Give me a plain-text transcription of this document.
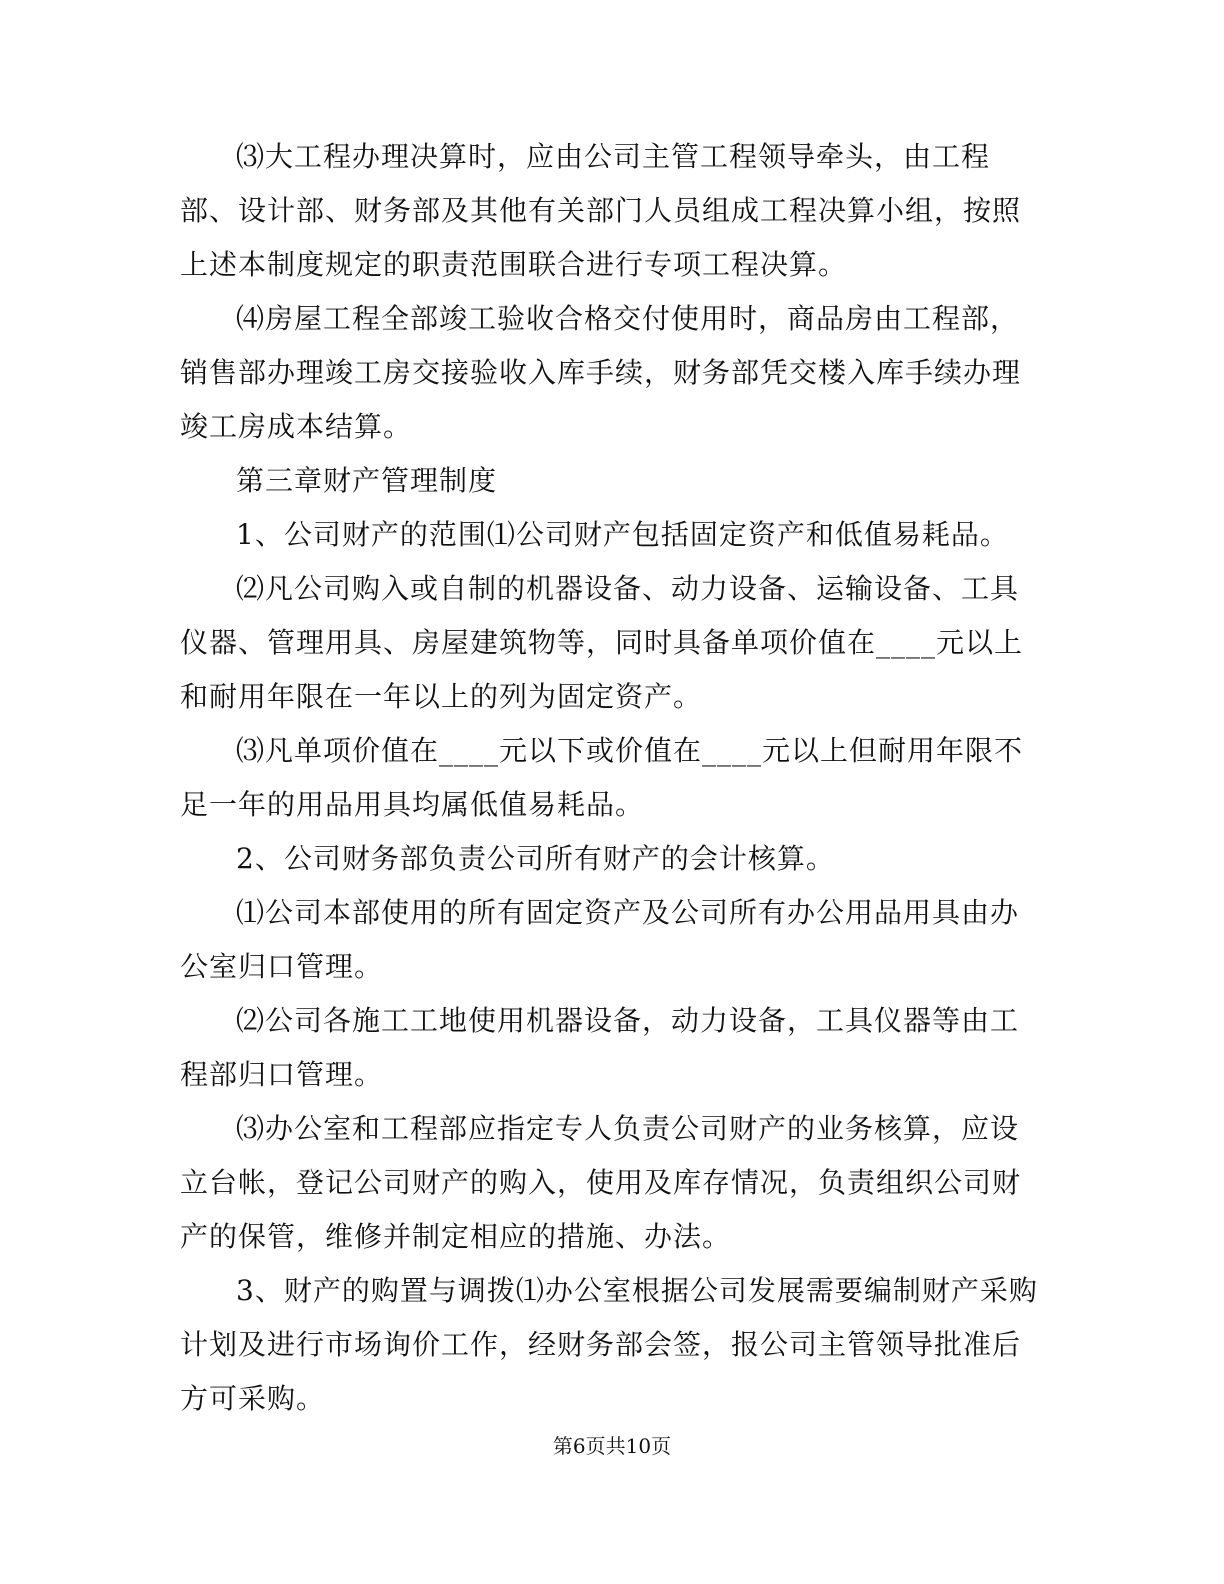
⑶大工程办理决算时，应由公司主管工程领导牵头，由工程部、设计部、财务部及其他有关部门人员组成工程决算小组，按照上述本制度规定的职责范围联合进行专项工程决算。

⑷房屋工程全部竣工验收合格交付使用时，商品房由工程部，销售部办理竣工房交接验收入库手续，财务部凭交楼入库手续办理竣工房成本结算。

第三章财产管理制度

1、公司财产的范围⑴公司财产包括固定资产和低值易耗品。

⑵凡公司购入或自制的机器设备、动力设备、运输设备、工具仪器、管理用具、房屋建筑物等，同时具备单项价值在____元以上和耐用年限在一年以上的列为固定资产。

⑶凡单项价值在____元以下或价值在____元以上但耐用年限不足一年的用品用具均属低值易耗品。

2、公司财务部负责公司所有财产的会计核算。

⑴公司本部使用的所有固定资产及公司所有办公用品用具由办公室归口管理。

⑵公司各施工工地使用机器设备，动力设备，工具仪器等由工程部归口管理。

⑶办公室和工程部应指定专人负责公司财产的业务核算，应设立台帐，登记公司财产的购入，使用及库存情况，负责组织公司财产的保管，维修并制定相应的措施、办法。

3、财产的购置与调拨⑴办公室根据公司发展需要编制财产采购计划及进行市场询价工作，经财务部会签，报公司主管领导批准后方可采购。

第6页共10页
